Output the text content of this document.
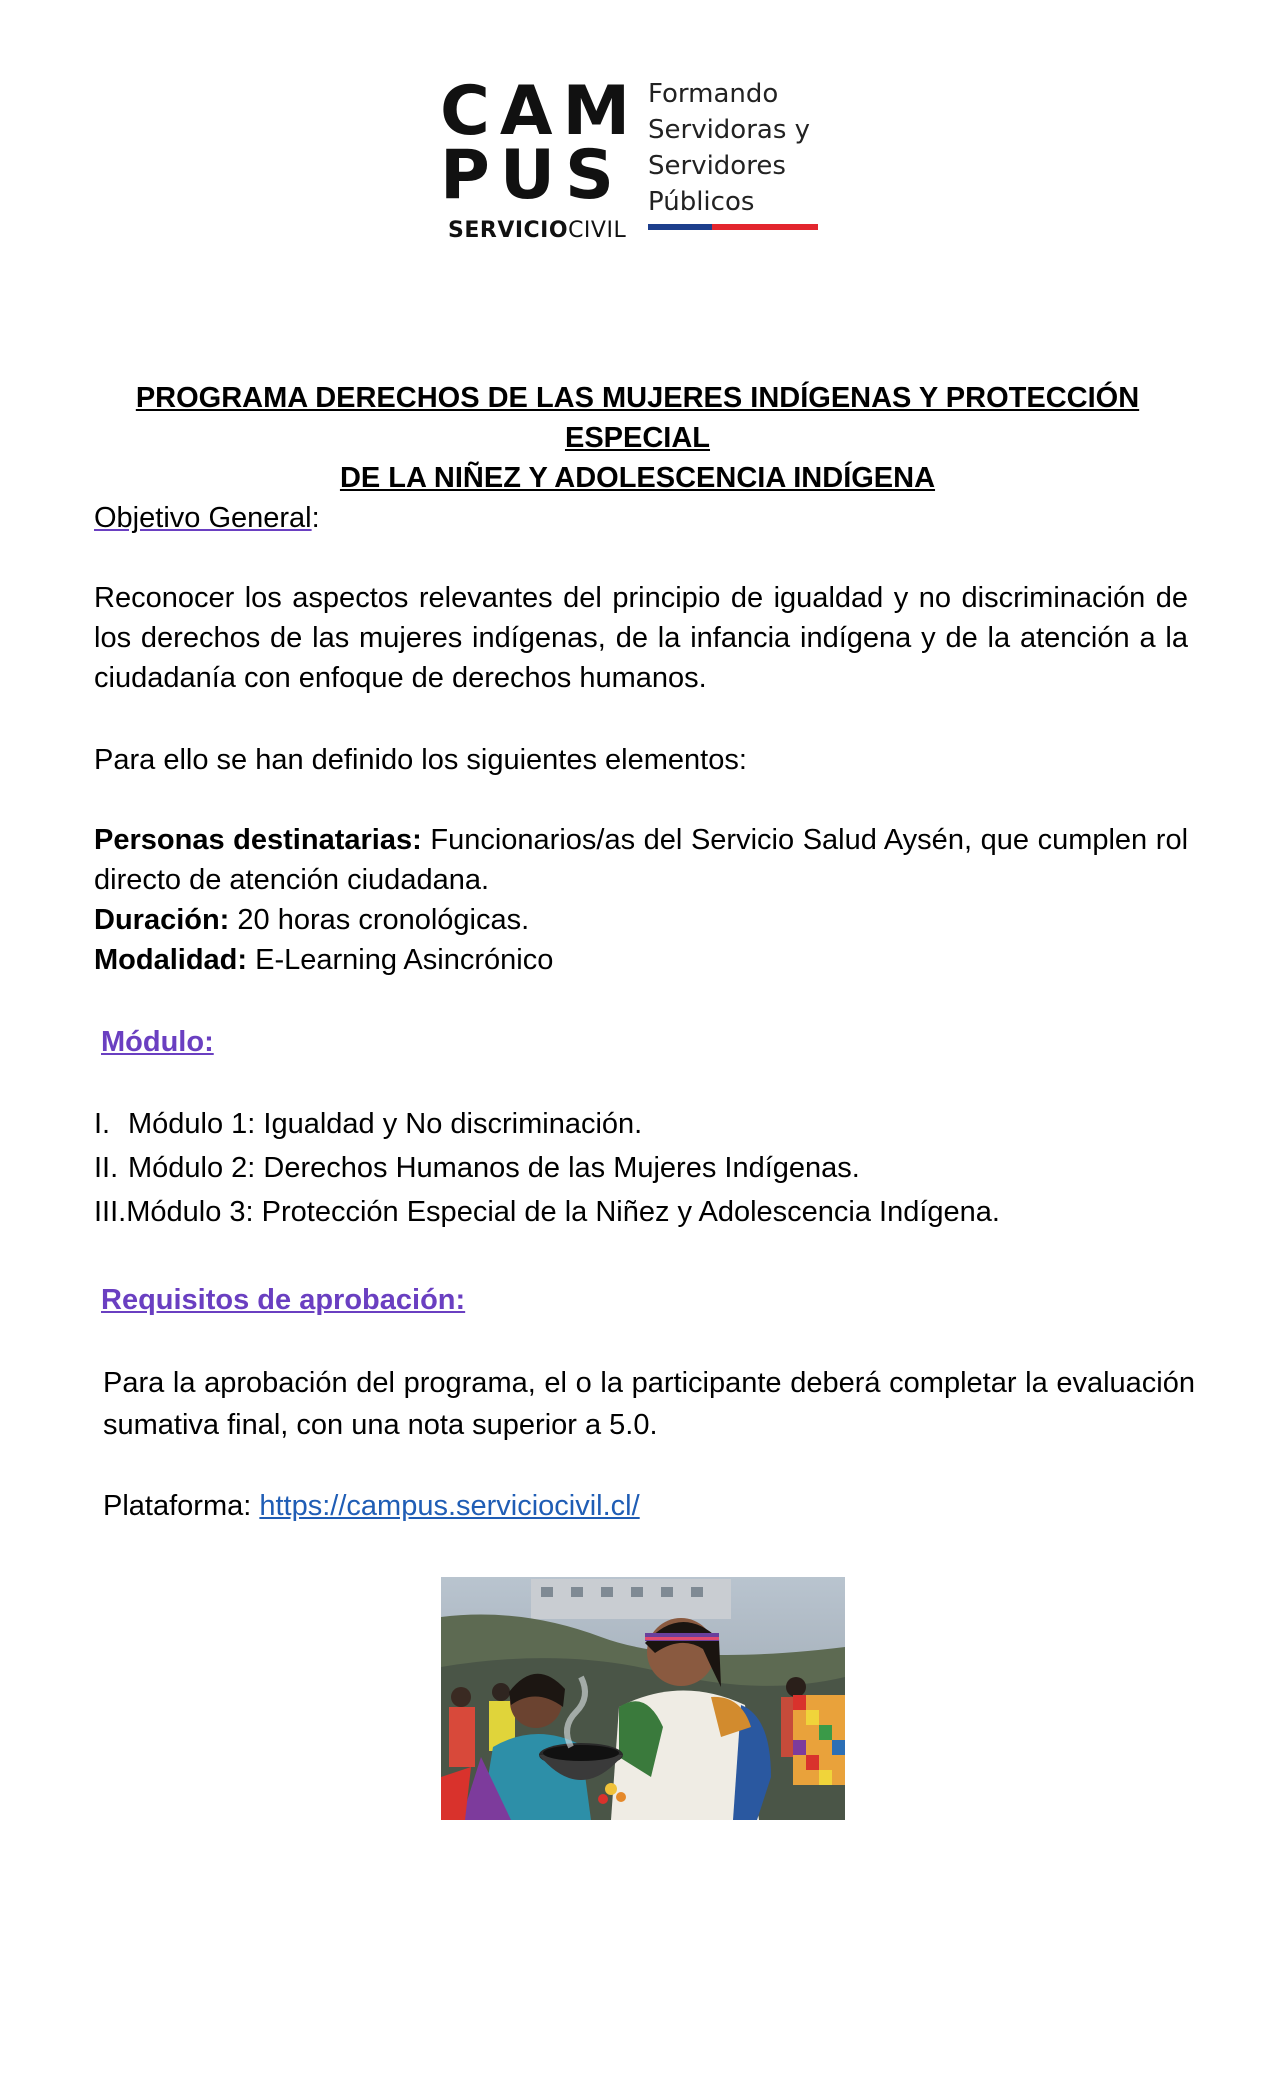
CAM
PUS
SERVICIOCIVIL
Formando
Servidoras y
Servidores
Públicos
PROGRAMA DERECHOS DE LAS MUJERES INDÍGENAS Y PROTECCIÓN ESPECIAL
DE LA NIÑEZ Y ADOLESCENCIA INDÍGENA
Objetivo General:
Reconocer los aspectos relevantes del principio de igualdad y no discriminación de los derechos de las mujeres indígenas, de la infancia indígena y de la atención a la ciudadanía con enfoque de derechos humanos.
Para ello se han definido los siguientes elementos:
Personas destinatarias: Funcionarios/as del Servicio Salud Aysén, que cumplen rol directo de atención ciudadana.
Duración: 20 horas cronológicas.
Modalidad: E-Learning Asincrónico
Módulo:
I. Módulo 1: Igualdad y No discriminación.
II. Módulo 2: Derechos Humanos de las Mujeres Indígenas.
III.Módulo 3: Protección Especial de la Niñez y Adolescencia Indígena.
Requisitos de aprobación:
Para la aprobación del programa, el o la participante deberá completar la evaluación sumativa final, con una nota superior a 5.0.
Plataforma: https://campus.serviciocivil.cl/
